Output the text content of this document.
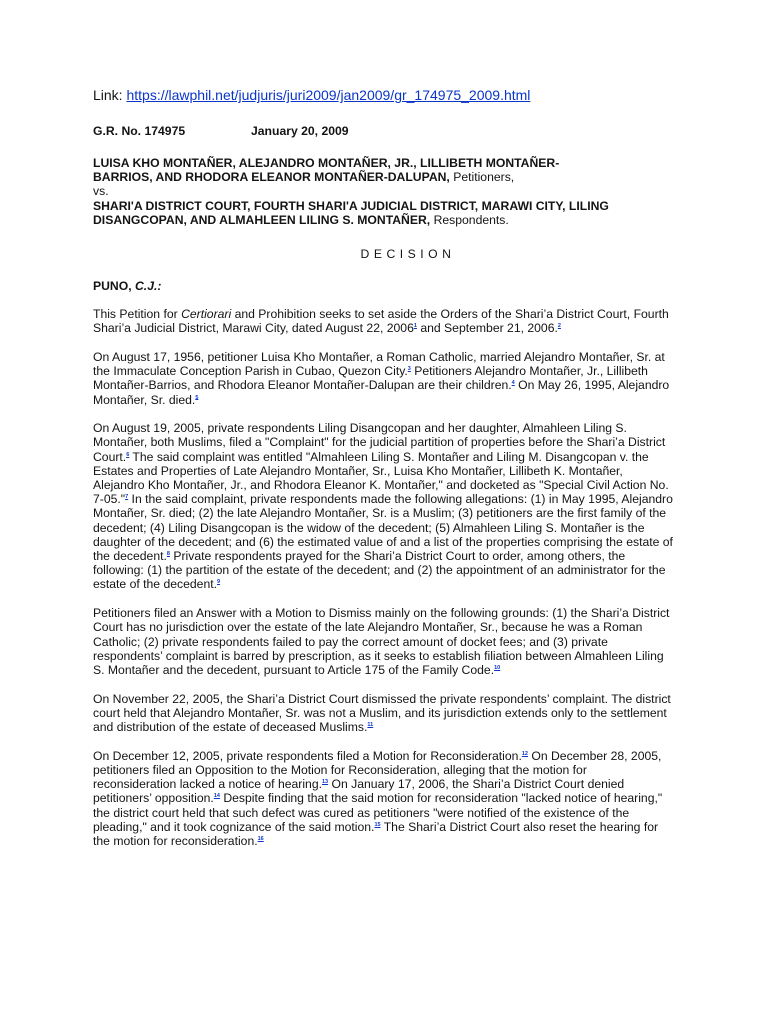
Link: https://lawphil.net/judjuris/juri2009/jan2009/gr_174975_2009.html
G.R. No. 174975	January 20, 2009
LUISA KHO MONTAÑER, ALEJANDRO MONTAÑER, JR., LILLIBETH MONTAÑER-
BARRIOS, AND RHODORA ELEANOR MONTAÑER-DALUPAN, Petitioners,
vs.
SHARI'A DISTRICT COURT, FOURTH SHARI'A JUDICIAL DISTRICT, MARAWI CITY, LILING
DISANGCOPAN, AND ALMAHLEEN LILING S. MONTAÑER, Respondents.
DECISION
PUNO, C.J.:

This Petition for Certiorari and Prohibition seeks to set aside the Orders of the Shari’a District Court, Fourth Shari’a Judicial District, Marawi City, dated August 22, 2006$^1$ and September 21, 2006.$^2$

On August 17, 1956, petitioner Luisa Kho Montañer, a Roman Catholic, married Alejandro Montañer, Sr. at the Immaculate Conception Parish in Cubao, Quezon City.$^3$ Petitioners Alejandro Montañer, Jr., Lillibeth Montañer-Barrios, and Rhodora Eleanor Montañer-Dalupan are their children.$^4$ On May 26, 1995, Alejandro Montañer, Sr. died.$^5$

On August 19, 2005, private respondents Liling Disangcopan and her daughter, Almahleen Liling S. Montañer, both Muslims, filed a "Complaint" for the judicial partition of properties before the Shari’a District Court.$^6$ The said complaint was entitled "Almahleen Liling S. Montañer and Liling M. Disangcopan v. the Estates and Properties of Late Alejandro Montañer, Sr., Luisa Kho Montañer, Lillibeth K. Montañer, Alejandro Kho Montañer, Jr., and Rhodora Eleanor K. Montañer," and docketed as "Special Civil Action No. 7-05."$^7$ In the said complaint, private respondents made the following allegations: (1) in May 1995, Alejandro Montañer, Sr. died; (2) the late Alejandro Montañer, Sr. is a Muslim; (3) petitioners are the first family of the decedent; (4) Liling Disangcopan is the widow of the decedent; (5) Almahleen Liling S. Montañer is the daughter of the decedent; and (6) the estimated value of and a list of the properties comprising the estate of the decedent.$^8$ Private respondents prayed for the Shari’a District Court to order, among others, the following: (1) the partition of the estate of the decedent; and (2) the appointment of an administrator for the estate of the decedent.$^9$

Petitioners filed an Answer with a Motion to Dismiss mainly on the following grounds: (1) the Shari’a District Court has no jurisdiction over the estate of the late Alejandro Montañer, Sr., because he was a Roman Catholic; (2) private respondents failed to pay the correct amount of docket fees; and (3) private respondents’ complaint is barred by prescription, as it seeks to establish filiation between Almahleen Liling S. Montañer and the decedent, pursuant to Article 175 of the Family Code.$^{10}$

On November 22, 2005, the Shari’a District Court dismissed the private respondents’ complaint. The district court held that Alejandro Montañer, Sr. was not a Muslim, and its jurisdiction extends only to the settlement and distribution of the estate of deceased Muslims.$^{11}$

On December 12, 2005, private respondents filed a Motion for Reconsideration.$^{12}$ On December 28, 2005, petitioners filed an Opposition to the Motion for Reconsideration, alleging that the motion for reconsideration lacked a notice of hearing.$^{13}$ On January 17, 2006, the Shari’a District Court denied petitioners’ opposition.$^{14}$ Despite finding that the said motion for reconsideration "lacked notice of hearing," the district court held that such defect was cured as petitioners "were notified of the existence of the pleading," and it took cognizance of the said motion.$^{15}$ The Shari’a District Court also reset the hearing for the motion for reconsideration.$^{16}$
